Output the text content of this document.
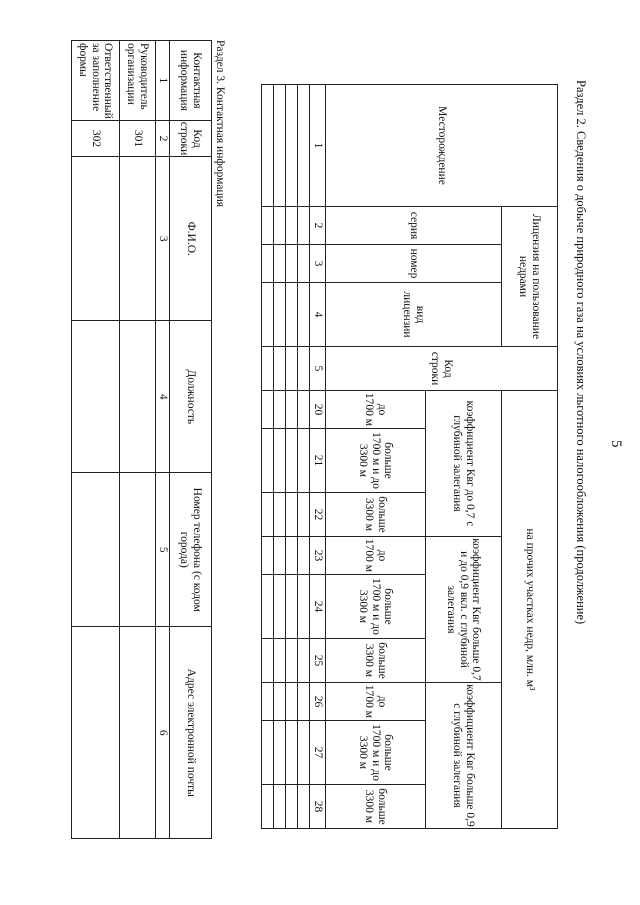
5
Раздел 2. Сведения о добыче природного газа на условиях льготного налогообложения (продолжение)
Месторождение	Лицензия на пользование недрами			Код строки	на прочих участках недр, млн. м³								

	серия	номер	вид лицензии		коэффициент Квг до 0,7 с глубиной залегания			коэффициент Квг больше 0,7 и до 0,9 вкл. с глубиной залегания			коэффициент Квг больше 0,9 с глубиной залегания		
					до 1700 м	больше 1700 м и до 3300 м	больше 3300 м	до 1700 м	больше 1700 м и до 3300 м	больше 3300 м	до 1700 м	больше 1700 м и до 3300 м	больше 3300 м
1	2	3	4	5	20	21	22	23	24	25	26	27	28

Раздел 3. Контактная информация
Контактная информация	Код строки	Ф.И.О.	Должность	Номер телефона (с кодом города)	Адрес электронной почты
1	2	3	4	5	6
Руководитель организации	301				
Ответственный за заполнение формы	302				
